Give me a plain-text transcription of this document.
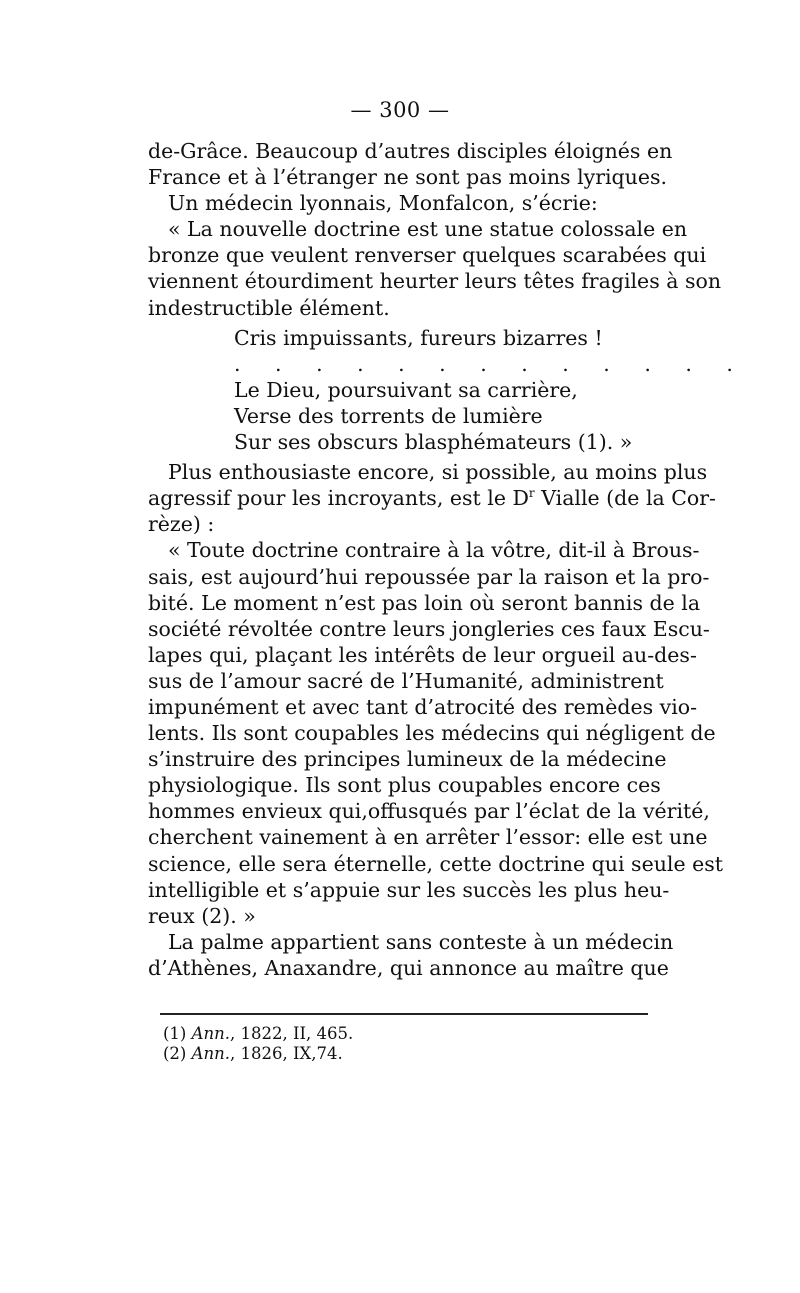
— 300 —
de-Grâce. Beaucoup d’autres disciples éloignés en
France et à l’étranger ne sont pas moins lyriques.
Un médecin lyonnais, Monfalcon, s’écrie:
« La nouvelle doctrine est une statue colossale en
bronze que veulent renverser quelques scarabées qui
viennent étourdiment heurter leurs têtes fragiles à son
indestructible élément.
Cris impuissants, fureurs bizarres !
. . . . . . . . . . . . .
Le Dieu, poursuivant sa carrière,
Verse des torrents de lumière
Sur ses obscurs blasphémateurs (1). »
Plus enthousiaste encore, si possible, au moins plus
agressif pour les incroyants, est le $D^r$ Vialle (de la Cor-
rèze) :
« Toute doctrine contraire à la vôtre, dit-il à Brous-
sais, est aujourd’hui repoussée par la raison et la pro-
bité. Le moment n’est pas loin où seront bannis de la
société révoltée contre leurs jongleries ces faux Escu-
lapes qui, plaçant les intérêts de leur orgueil au-des-
sus de l’amour sacré de l’Humanité, administrent
impunément et avec tant d’atrocité des remèdes vio-
lents. Ils sont coupables les médecins qui négligent de
s’instruire des principes lumineux de la médecine
physiologique. Ils sont plus coupables encore ces
hommes envieux qui,offusqués par l’éclat de la vérité,
cherchent vainement à en arrêter l’essor: elle est une
science, elle sera éternelle, cette doctrine qui seule est
intelligible et s’appuie sur les succès les plus heu-
reux (2). »
La palme appartient sans conteste à un médecin
d’Athènes, Anaxandre, qui annonce au maître que
(1) Ann., 1822, II, 465.
(2) Ann., 1826, IX,74.
